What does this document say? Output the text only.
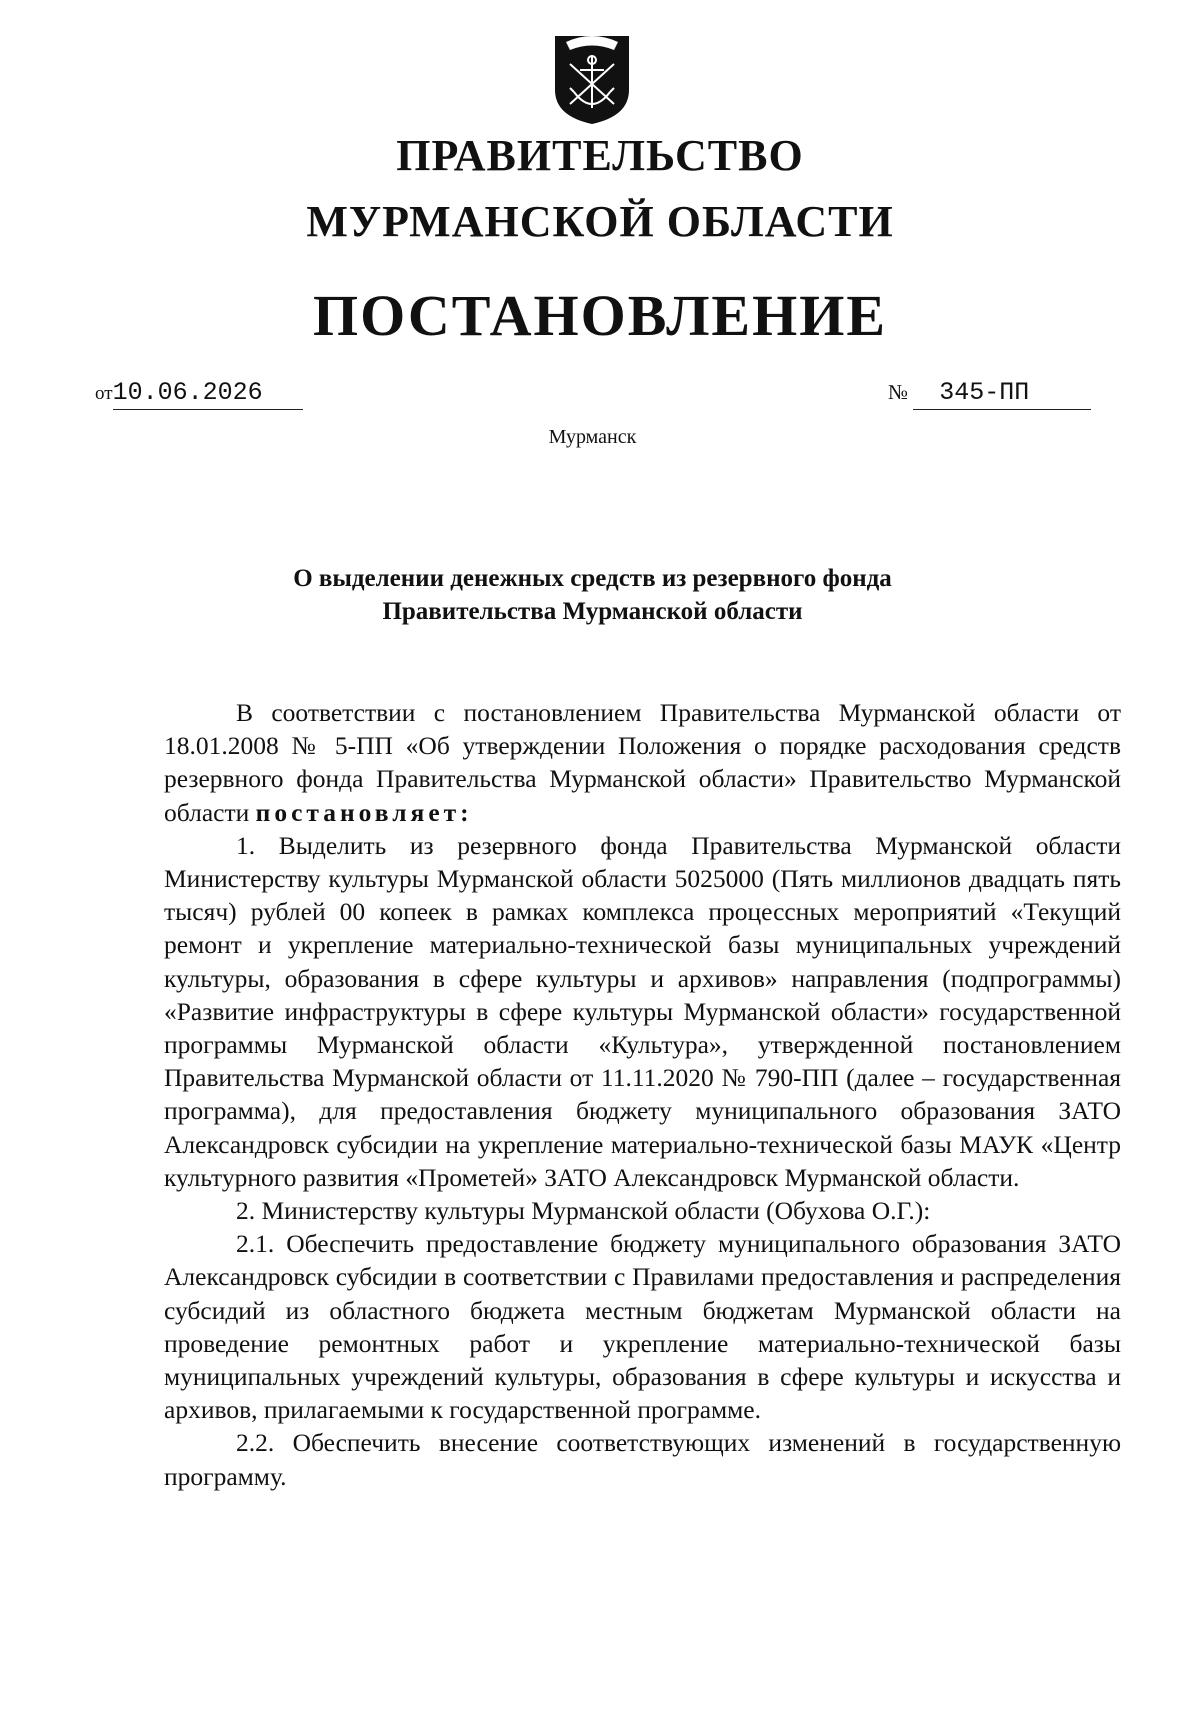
ПРАВИТЕЛЬСТВО
МУРМАНСКОЙ ОБЛАСТИ
ПОСТАНОВЛЕНИЕ
от10.06.2026	№ 345-ПП
Мурманск
О выделении денежных средств из резервного фонда
Правительства Мурманской области

В соответствии с постановлением Правительства Мурманской области от 18.01.2008 № 5-ПП «Об утверждении Положения о порядке расходования средств резервного фонда Правительства Мурманской области» Правительство Мурманской области постановляет:

1. Выделить из резервного фонда Правительства Мурманской области Министерству культуры Мурманской области 5025000 (Пять миллионов двадцать пять тысяч) рублей 00 копеек в рамках комплекса процессных мероприятий «Текущий ремонт и укрепление материально-технической базы муниципальных учреждений культуры, образования в сфере культуры и архивов» направления (подпрограммы) «Развитие инфраструктуры в сфере культуры Мурманской области» государственной программы Мурманской области «Культура», утвержденной постановлением Правительства Мурманской области от 11.11.2020 № 790-ПП (далее – государственная программа), для предоставления бюджету муниципального образования ЗАТО Александровск субсидии на укрепление материально-технической базы МАУК «Центр культурного развития «Прометей» ЗАТО Александровск Мурманской области.

2. Министерству культуры Мурманской области (Обухова О.Г.):

2.1. Обеспечить предоставление бюджету муниципального образования ЗАТО Александровск субсидии в соответствии с Правилами предоставления и распределения субсидий из областного бюджета местным бюджетам Мурманской области на проведение ремонтных работ и укрепление материально-технической базы муниципальных учреждений культуры, образования в сфере культуры и искусства и архивов, прилагаемыми к государственной программе.

2.2. Обеспечить внесение соответствующих изменений в государственную программу.
